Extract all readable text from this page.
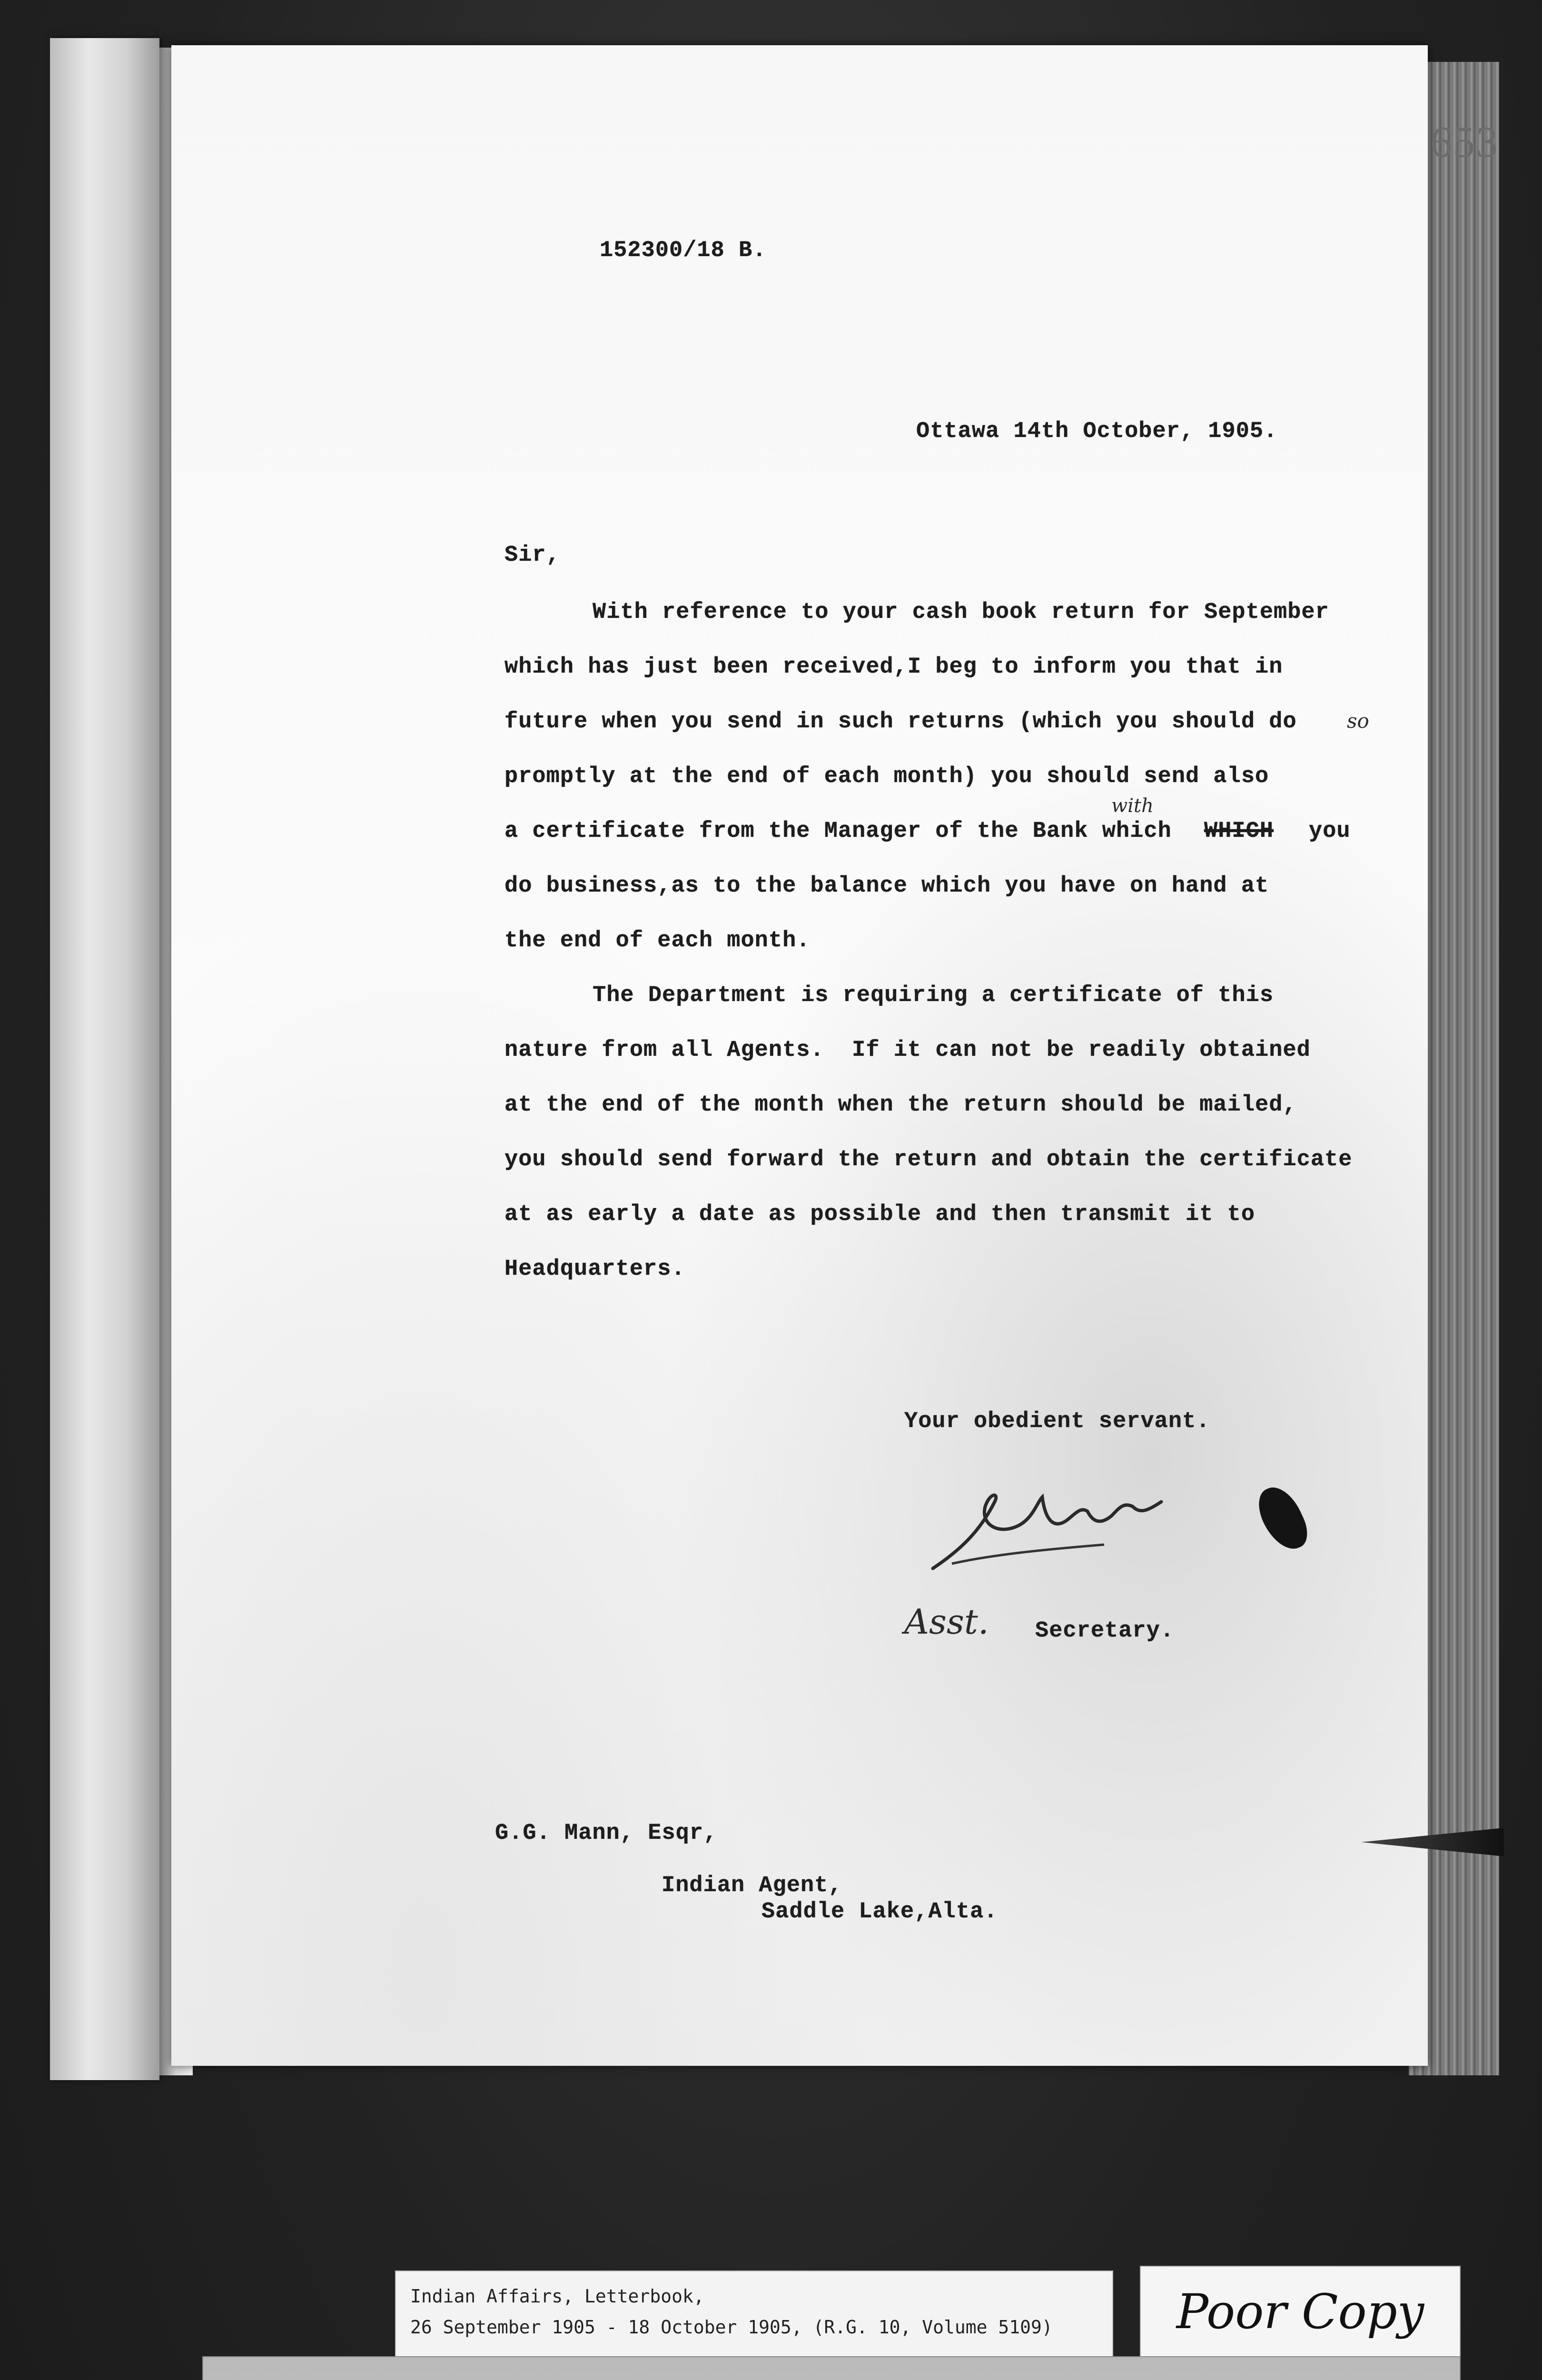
653
152300/18 B.
Ottawa 14th October, 1905.
Sir,
With reference to your cash book return for September
which has just been received,I beg to inform you that in
future when you send in such returns (which you should do	so
promptly at the end of each month) you should send also
with
a certificate from the Manager of the Bank which WHICH you
do business,as to the balance which you have on hand at
the end of each month.
The Department is requiring a certificate of this
nature from all Agents.  If it can not be readily obtained
at the end of the month when the return should be mailed,
you should send forward the return and obtain the certificate
at as early a date as possible and then transmit it to
Headquarters.
Your obedient servant.
Asst. Secretary.
G.G. Mann, Esqr,
Indian Agent,
Saddle Lake,Alta.
Indian Affairs, Letterbook,
26 September 1905 - 18 October 1905, (R.G. 10, Volume 5109)	Poor Copy
